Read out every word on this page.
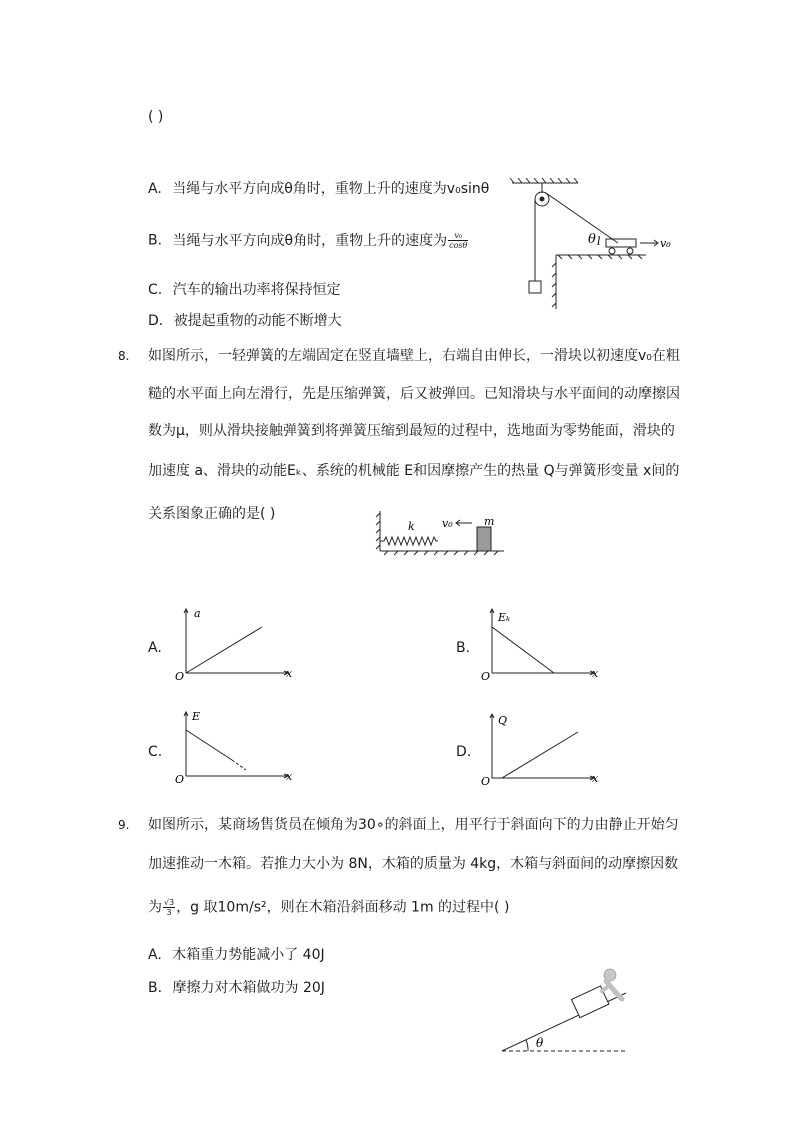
( )
A. 当绳与水平方向成θ角时，重物上升的速度为v₀sinθ
B. 当绳与水平方向成θ角时，重物上升的速度为 $\frac{\text{v₀}}{\cos\theta}$
C. 汽车的输出功率将保持恒定
D. 被提起重物的动能不断增大
θ l	v₀
8. 如图所示，一轻弹簧的左端固定在竖直墙壁上，右端自由伸长，一滑块以初速度v₀在粗
糙的水平面上向左滑行，先是压缩弹簧，后又被弹回。已知滑块与水平面间的动摩擦因
数为μ，则从滑块接触弹簧到将弹簧压缩到最短的过程中，选地面为零势能面，滑块的
加速度 a、滑块的动能Eₖ、系统的机械能 E和因摩擦产生的热量 Q与弹簧形变量 x间的
关系图象正确的是( )
k v₀	m
A.
a
x
O
B.
Eₖ
x
O
C.
E
x
O
D.
Q
x
O
9. 如图所示，某商场售货员在倾角为30∘的斜面上，用平行于斜面向下的力由静止开始匀
加速推动一木箱。若推力大小为 8N，木箱的质量为 4kg，木箱与斜面间的动摩擦因数
为 $\frac{√3}{3}$ ，g 取10m/s²，则在木箱沿斜面移动 1m 的过程中( )
A. 木箱重力势能减小了 40J
B. 摩擦力对木箱做功为 20J
θ
